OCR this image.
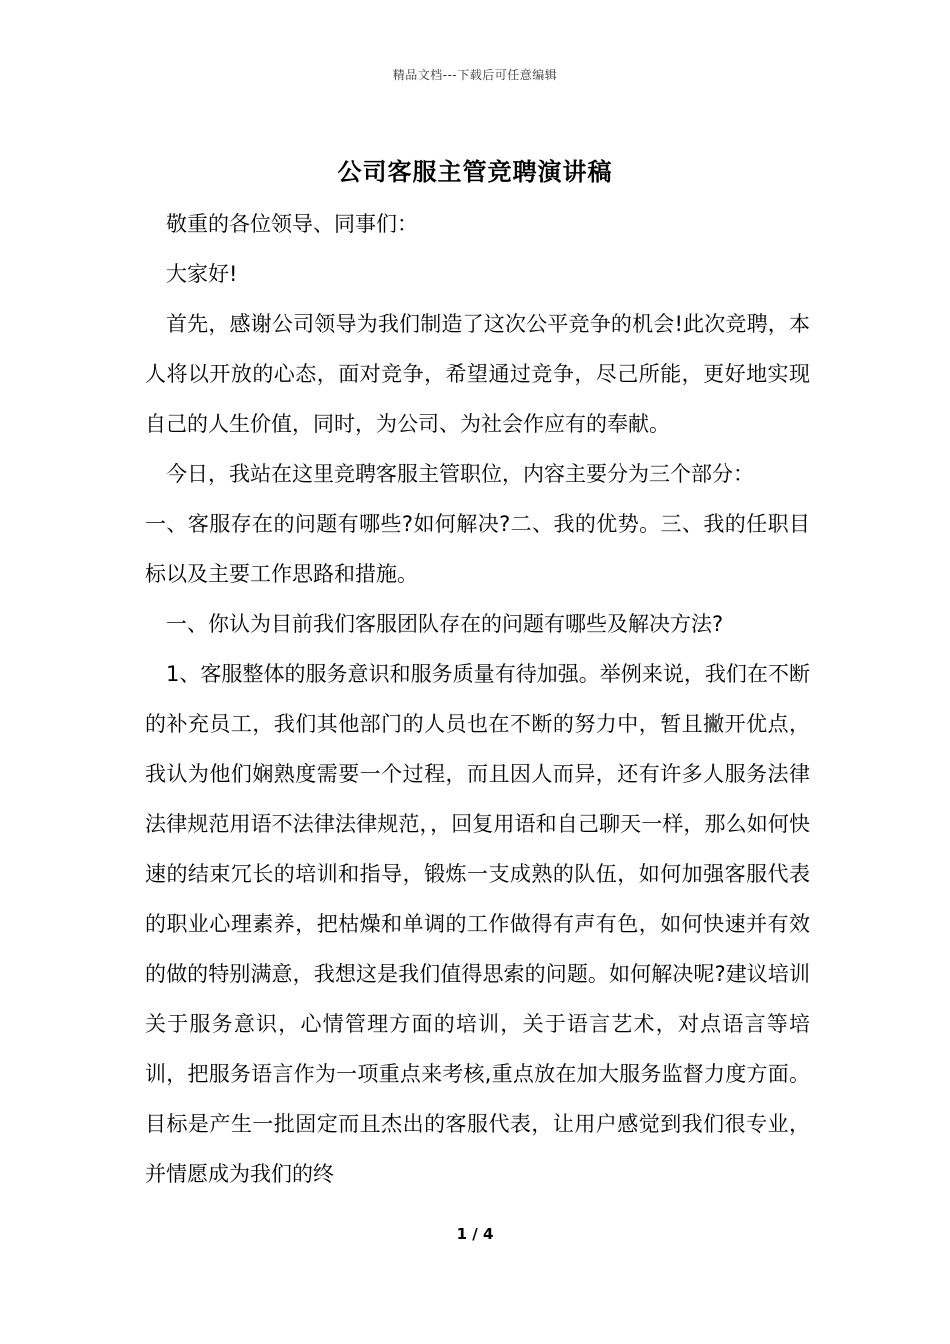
精品文档---下载后可任意编辑
公司客服主管竞聘演讲稿

敬重的各位领导、同事们：

大家好!

首先，感谢公司领导为我们制造了这次公平竞争的机会!此次竞聘，本人将以开放的心态，面对竞争，希望通过竞争，尽己所能，更好地实现自己的人生价值，同时，为公司、为社会作应有的奉献。

今日，我站在这里竞聘客服主管职位，内容主要分为三个部分：

一、客服存在的问题有哪些?如何解决?二、我的优势。三、我的任职目标以及主要工作思路和措施。

一、你认为目前我们客服团队存在的问题有哪些及解决方法?

1、客服整体的服务意识和服务质量有待加强。举例来说，我们在不断的补充员工，我们其他部门的人员也在不断的努力中，暂且撇开优点，我认为他们娴熟度需要一个过程，而且因人而异，还有许多人服务法律法律规范用语不法律法律规范，，回复用语和自己聊天一样，那么如何快速的结束冗长的培训和指导，锻炼一支成熟的队伍，如何加强客服代表的职业心理素养，把枯燥和单调的工作做得有声有色，如何快速并有效的做的特别满意，我想这是我们值得思索的问题。如何解决呢?建议培训关于服务意识，心情管理方面的培训，关于语言艺术，对点语言等培训，把服务语言作为一项重点来考核,重点放在加大服务监督力度方面。目标是产生一批固定而且杰出的客服代表，让用户感觉到我们很专业，并情愿成为我们的终

1 / 4
